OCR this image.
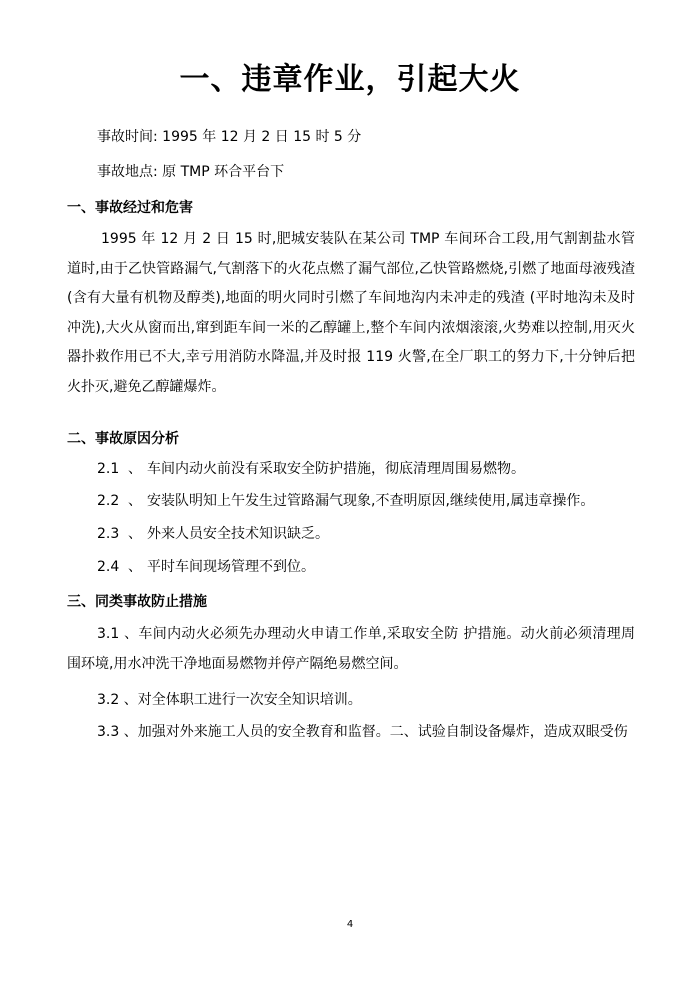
一、违章作业，引起大火

事故时间: 1995 年 12 月 2 日 15 时 5 分

事故地点: 原 TMP 环合平台下

一、事故经过和危害

1995 年 12 月 2 日 15 时,肥城安装队在某公司 TMP 车间环合工段,用气割割盐水管道时,由于乙快管路漏气,气割落下的火花点燃了漏气部位,乙快管路燃烧,引燃了地面母液残渣(含有大量有机物及醇类),地面的明火同时引燃了车间地沟内未冲走的残渣 (平时地沟未及时冲洗),大火从窗而出,窜到距车间一米的乙醇罐上,整个车间内浓烟滚滚,火势难以控制,用灭火器扑救作用已不大,幸亏用消防水降温,并及时报 119 火警,在全厂职工的努力下,十分钟后把火扑灭,避免乙醇罐爆炸。

二、事故原因分析

2.1 、 车间内动火前没有采取安全防护措施，彻底清理周围易燃物。

2.2 、 安装队明知上午发生过管路漏气现象,不查明原因,继续使用,属违章操作。

2.3 、 外来人员安全技术知识缺乏。

2.4 、 平时车间现场管理不到位。

三、同类事故防止措施

3.1 、车间内动火必须先办理动火申请工作单,采取安全防 护措施。动火前必须清理周围环境,用水冲洗干净地面易燃物并停产隔绝易燃空间。

3.2 、对全体职工进行一次安全知识培训。

3.3 、加强对外来施工人员的安全教育和监督。二、试验自制设备爆炸，造成双眼受伤

4
